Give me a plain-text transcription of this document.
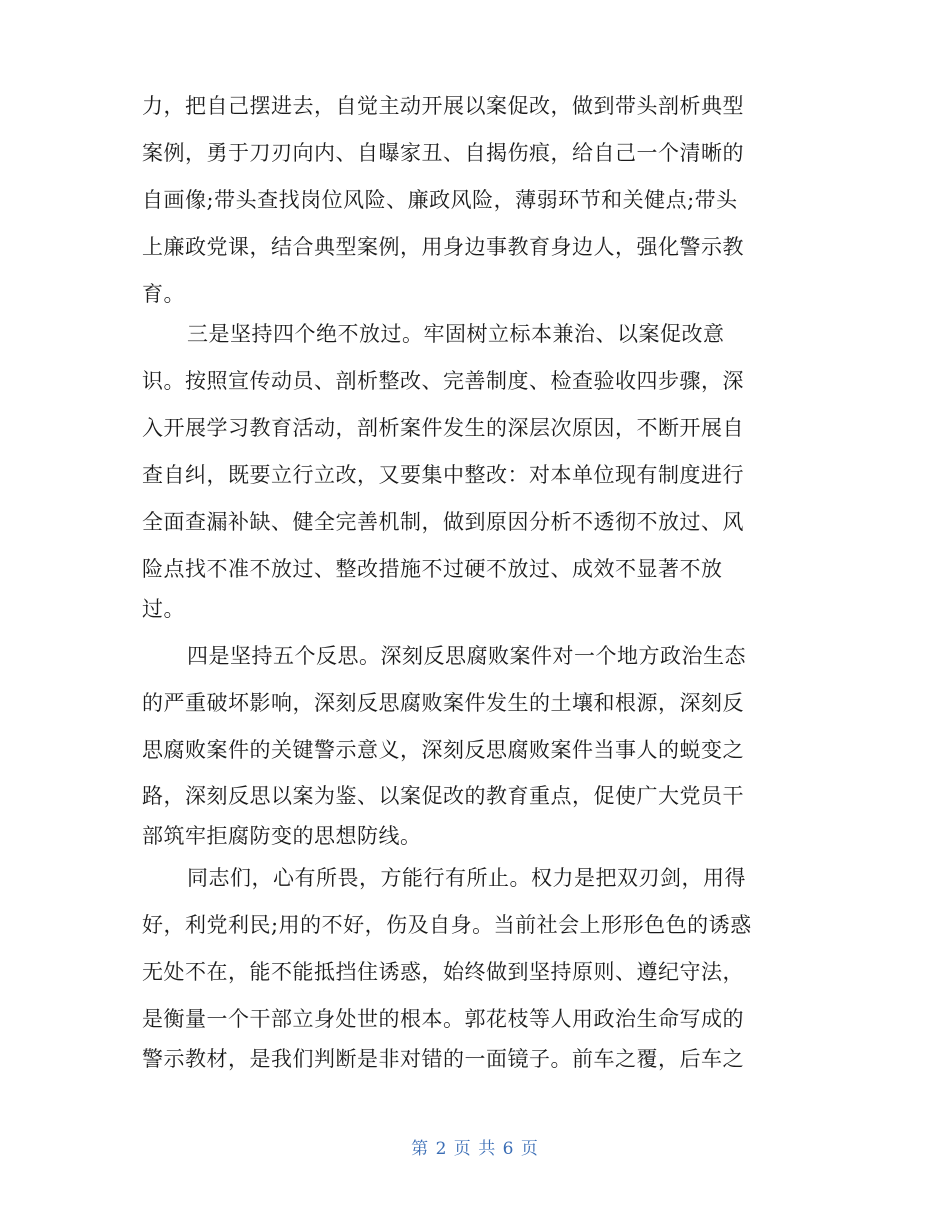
力，把自己摆进去，自觉主动开展以案促改，做到带头剖析典型
案例，勇于刀刃向内、自曝家丑、自揭伤痕，给自己一个清晰的
自画像;带头查找岗位风险、廉政风险，薄弱环节和关健点;带头
上廉政党课，结合典型案例，用身边事教育身边人，强化警示教
育。
三是坚持四个绝不放过。牢固树立标本兼治、以案促改意
识。按照宣传动员、剖析整改、完善制度、检查验收四步骤，深
入开展学习教育活动，剖析案件发生的深层次原因，不断开展自
查自纠，既要立行立改，又要集中整改：对本单位现有制度进行
全面查漏补缺、健全完善机制，做到原因分析不透彻不放过、风
险点找不准不放过、整改措施不过硬不放过、成效不显著不放
过。
四是坚持五个反思。深刻反思腐败案件对一个地方政治生态
的严重破坏影响，深刻反思腐败案件发生的土壤和根源，深刻反
思腐败案件的关键警示意义，深刻反思腐败案件当事人的蜕变之
路，深刻反思以案为鉴、以案促改的教育重点，促使广大党员干
部筑牢拒腐防变的思想防线。
同志们，心有所畏，方能行有所止。权力是把双刃剑，用得
好，利党利民;用的不好，伤及自身。当前社会上形形色色的诱惑
无处不在，能不能抵挡住诱惑，始终做到坚持原则、遵纪守法，
是衡量一个干部立身处世的根本。郭花枝等人用政治生命写成的
警示教材，是我们判断是非对错的一面镜子。前车之覆，后车之
第 2 页 共 6 页
